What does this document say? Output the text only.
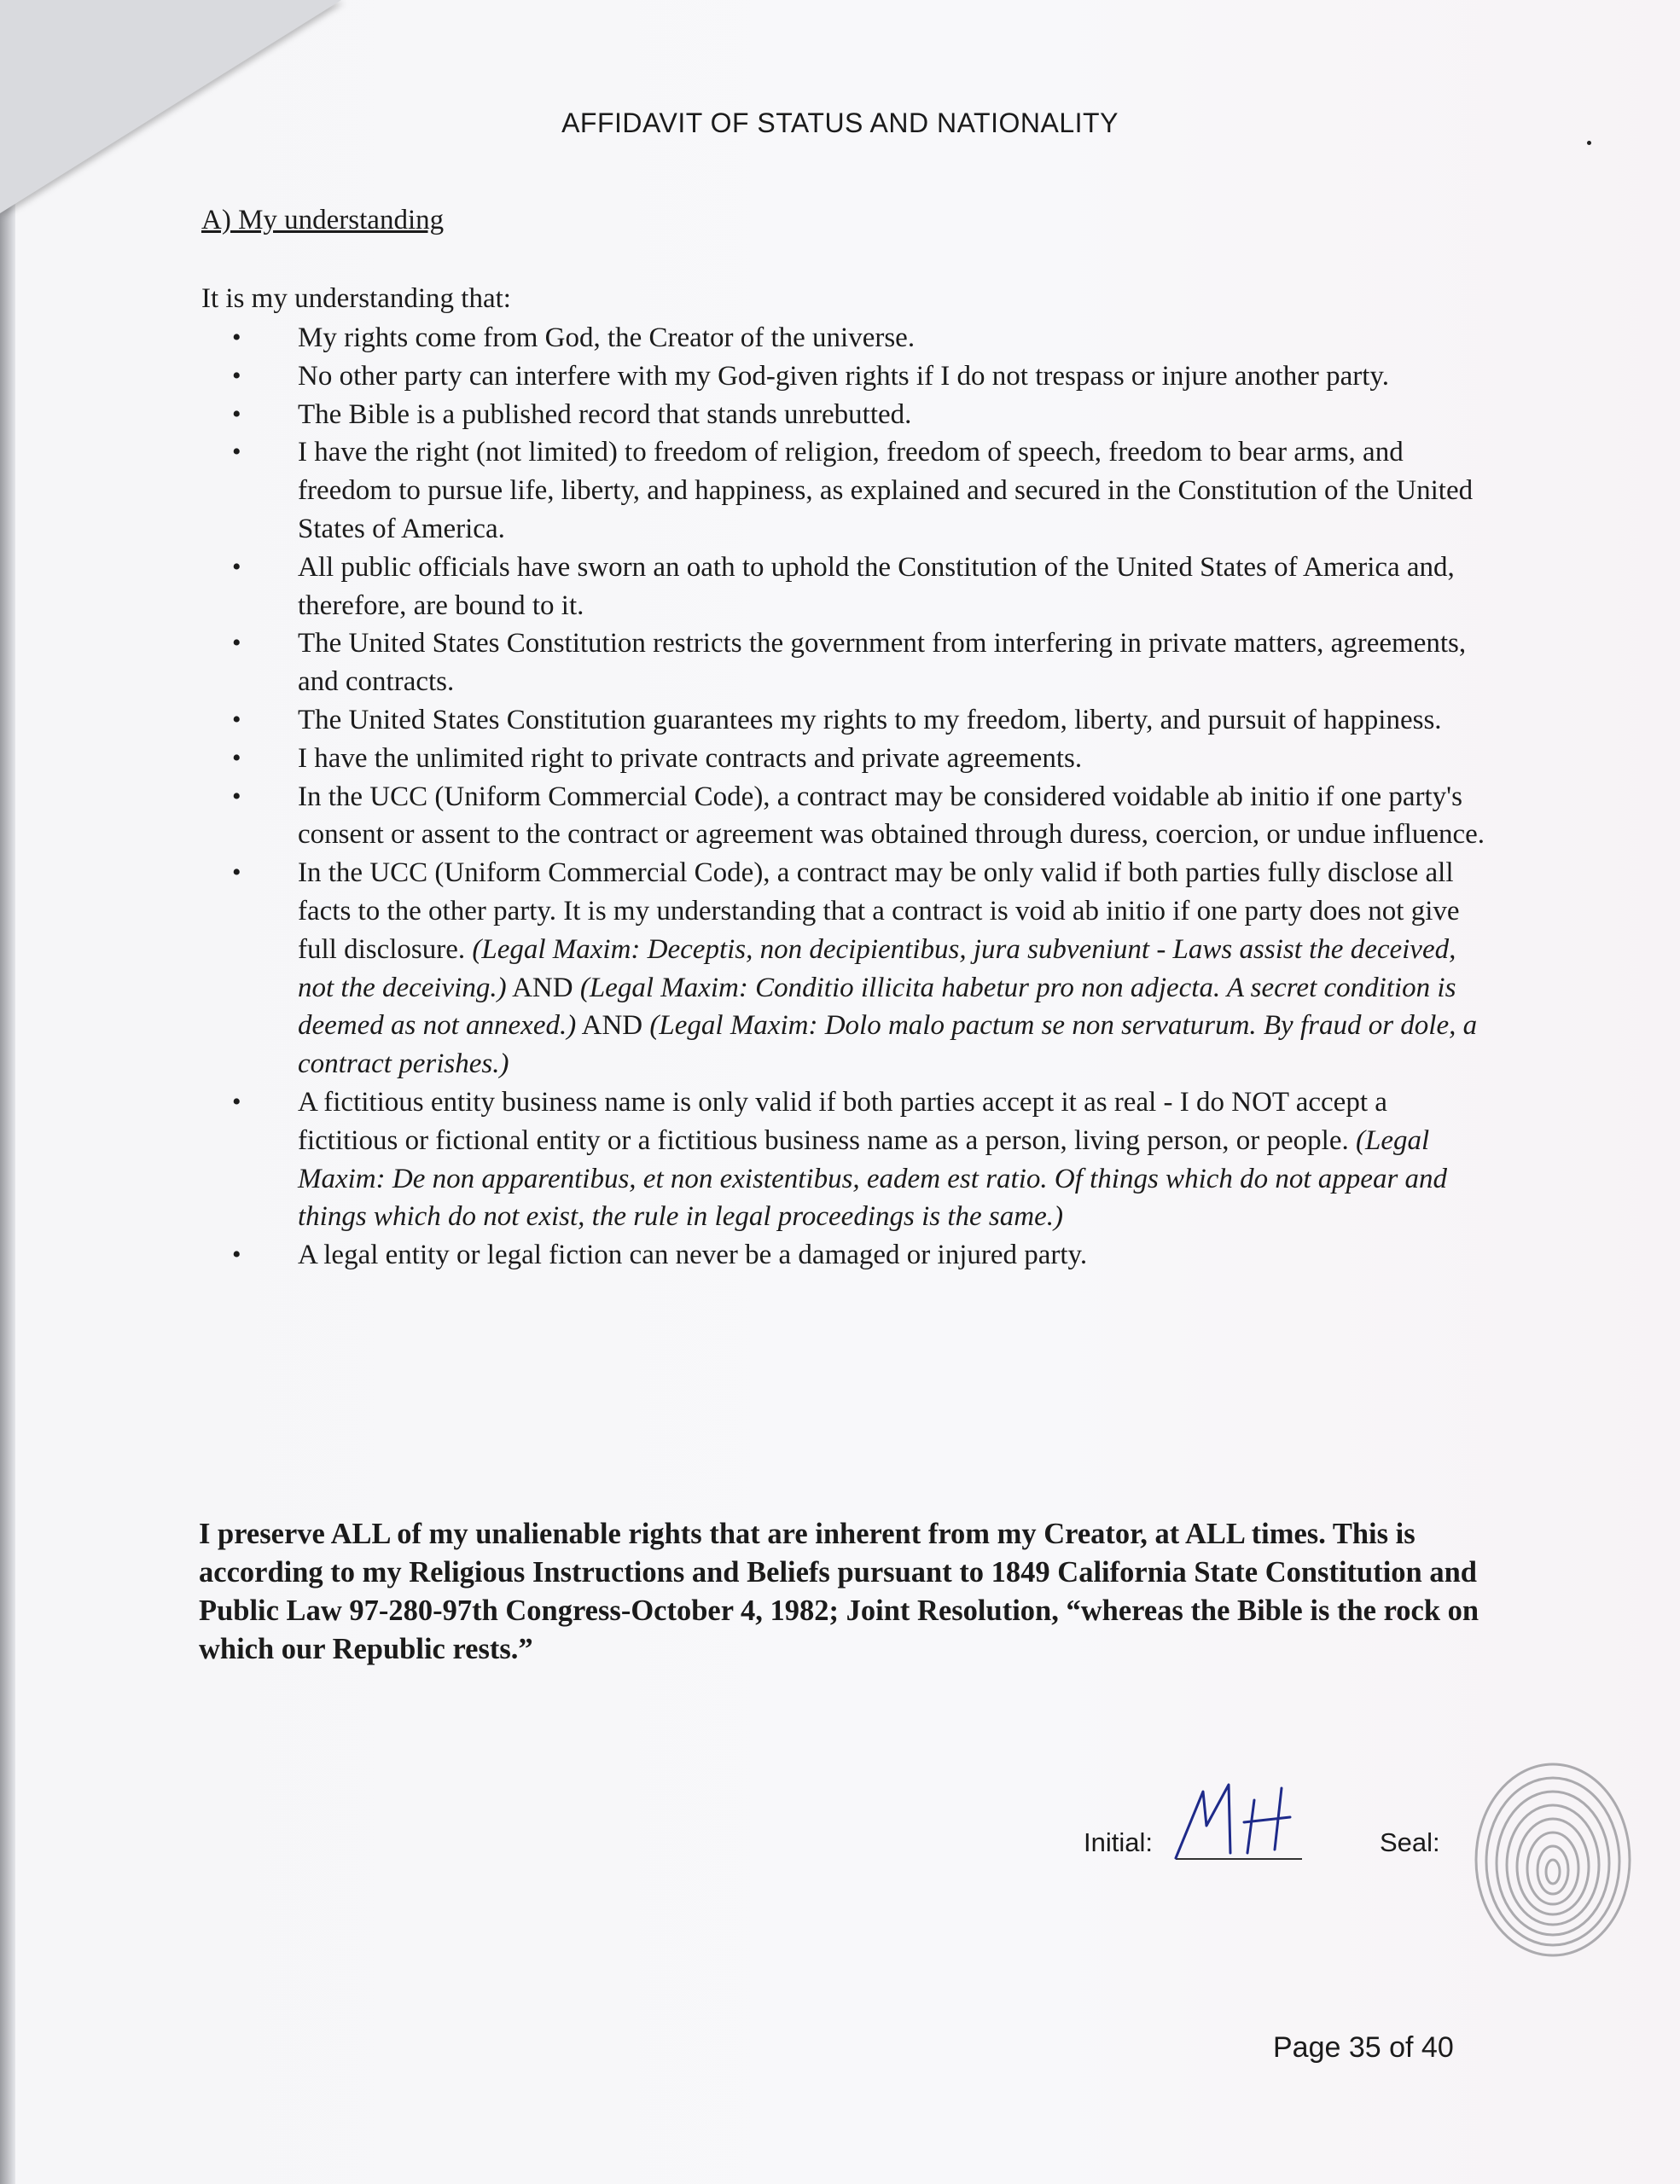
AFFIDAVIT OF STATUS AND NATIONALITY
A) My understanding
It is my understanding that:
• My rights come from God, the Creator of the universe.
• No other party can interfere with my God-given rights if I do not trespass or injure another party.
• The Bible is a published record that stands unrebutted.
• I have the right (not limited) to freedom of religion, freedom of speech, freedom to bear arms, and freedom to pursue life, liberty, and happiness, as explained and secured in the Constitution of the United States of America.
• All public officials have sworn an oath to uphold the Constitution of the United States of America and, therefore, are bound to it.
• The United States Constitution restricts the government from interfering in private matters, agreements, and contracts.
• The United States Constitution guarantees my rights to my freedom, liberty, and pursuit of happiness.
• I have the unlimited right to private contracts and private agreements.
• In the UCC (Uniform Commercial Code), a contract may be considered voidable ab initio if one party's consent or assent to the contract or agreement was obtained through duress, coercion, or undue influence.
• In the UCC (Uniform Commercial Code), a contract may be only valid if both parties fully disclose all facts to the other party. It is my understanding that a contract is void ab initio if one party does not give full disclosure. (Legal Maxim: Deceptis, non decipientibus, jura subveniunt - Laws assist the deceived, not the deceiving.) AND (Legal Maxim: Conditio illicita habetur pro non adjecta. A secret condition is deemed as not annexed.) AND (Legal Maxim: Dolo malo pactum se non servaturum. By fraud or dole, a contract perishes.)
• A fictitious entity business name is only valid if both parties accept it as real - I do NOT accept a fictitious or fictional entity or a fictitious business name as a person, living person, or people. (Legal Maxim: De non apparentibus, et non existentibus, eadem est ratio. Of things which do not appear and things which do not exist, the rule in legal proceedings is the same.)
• A legal entity or legal fiction can never be a damaged or injured party.
I preserve ALL of my unalienable rights that are inherent from my Creator, at ALL times. This is according to my Religious Instructions and Beliefs pursuant to 1849 California State Constitution and Public Law 97-280-97th Congress-October 4, 1982; Joint Resolution, “whereas the Bible is the rock on which our Republic rests.”
Initial:	Seal:
Page 35 of 40
